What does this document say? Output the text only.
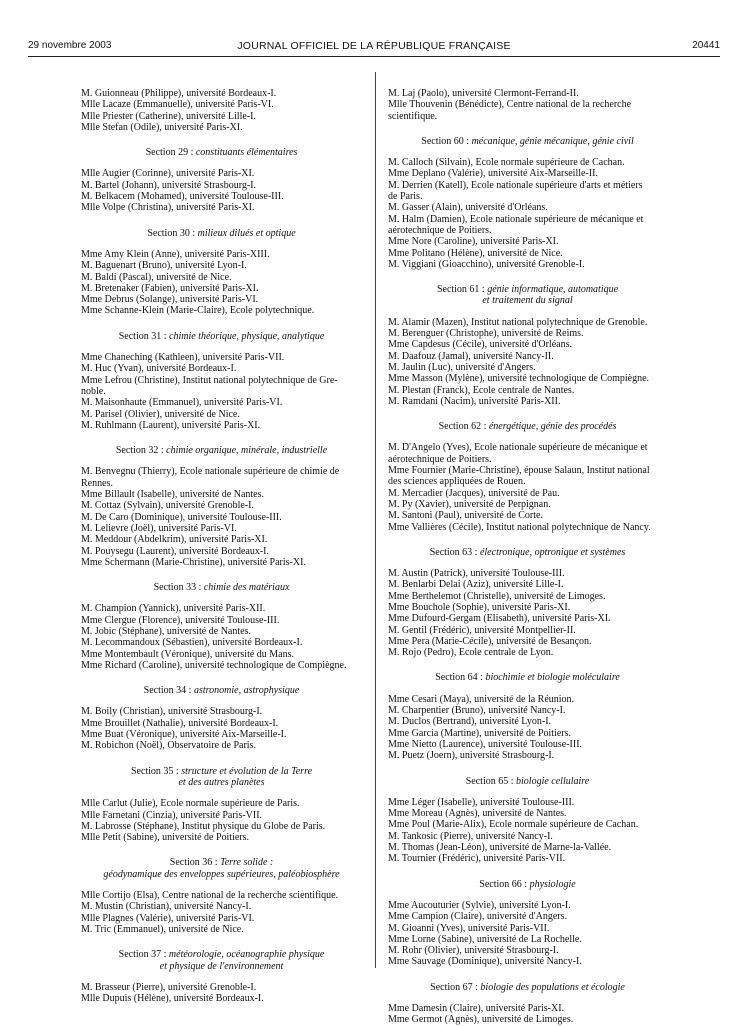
29 novembre 2003	JOURNAL OFFICIEL DE LA RÉPUBLIQUE FRANÇAISE	20441
M. Guionneau (Philippe), université Bordeaux-I.
Mlle Lacaze (Emmanuelle), université Paris-VI.
Mlle Priester (Catherine), université Lille-I.
Mlle Stefan (Odile), université Paris-XI.
Section 29 : constituants élémentaires
Mlle Augier (Corinne), université Paris-XI.
M. Bartel (Johann), université Strasbourg-I.
M. Belkacem (Mohamed), université Toulouse-III.
Mlle Volpe (Christina), université Paris-XI.
Section 30 : milieux dilués et optique
Mme Amy Klein (Anne), université Paris-XIII.
M. Baguenart (Bruno), université Lyon-I.
M. Baldi (Pascal), université de Nice.
M. Bretenaker (Fabien), université Paris-XI.
Mme Debrus (Solange), université Paris-VI.
Mme Schanne-Klein (Marie-Claire), Ecole polytechnique.
Section 31 : chimie théorique, physique, analytique
Mme Chaneching (Kathleen), université Paris-VII.
M. Huc (Yvan), université Bordeaux-I.
Mme Lefrou (Christine), Institut national polytechnique de Gre-
noble.
M. Maisonhaute (Emmanuel), université Paris-VI.
M. Parisel (Olivier), université de Nice.
M. Ruhlmann (Laurent), université Paris-XI.
Section 32 : chimie organique, minérale, industrielle
M. Benvegnu (Thierry), Ecole nationale supérieure de chimie de
Rennes.
Mme Billault (Isabelle), université de Nantes.
M. Cottaz (Sylvain), université Grenoble-I.
M. De Caro (Dominique), université Toulouse-III.
M. Lelievre (Joël), université Paris-VI.
M. Meddour (Abdelkrim), université Paris-XI.
M. Pouysegu (Laurent), université Bordeaux-I.
Mme Schermann (Marie-Christine), université Paris-XI.
Section 33 : chimie des matériaux
M. Champion (Yannick), université Paris-XII.
Mme Clergue (Florence), université Toulouse-III.
M. Jobic (Stéphane), université de Nantes.
M. Lecommandoux (Sébastien), université Bordeaux-I.
Mme Montembault (Véronique), université du Mans.
Mme Richard (Caroline), université technologique de Compiègne.
Section 34 : astronomie, astrophysique
M. Boily (Christian), université Strasbourg-I.
Mme Brouillet (Nathalie), université Bordeaux-I.
Mme Buat (Véronique), université Aix-Marseille-I.
M. Robichon (Noël), Observatoire de Paris.
Section 35 : structure et évolution de la Terre
et des autres planètes
Mlle Carlut (Julie), Ecole normale supérieure de Paris.
Mlle Farnetani (Cinzia), université Paris-VII.
M. Labrosse (Stéphane), Institut physique du Globe de Paris.
Mlle Petit (Sabine), université de Poitiers.
Section 36 : Terre solide :
géodynamique des enveloppes supérieures, paléobiosphère
Mlle Cortijo (Elsa), Centre national de la recherche scientifique.
M. Mustin (Christian), université Nancy-I.
Mlle Plagnes (Valérie), université Paris-VI.
M. Tric (Emmanuel), université de Nice.
Section 37 : météorologie, océanographie physique
et physique de l'environnement
M. Brasseur (Pierre), université Grenoble-I.
Mlle Dupuis (Hélène), université Bordeaux-I.
M. Laj (Paolo), université Clermont-Ferrand-II.
Mlle Thouvenin (Bénédicte), Centre national de la recherche
scientifique.
Section 60 : mécanique, génie mécanique, génie civil
M. Calloch (Silvain), Ecole normale supérieure de Cachan.
Mme Deplano (Valérie), université Aix-Marseille-II.
M. Derrien (Katell), Ecole nationale supérieure d'arts et métiers
de Paris.
M. Gasser (Alain), université d'Orléans.
M. Halm (Damien), Ecole nationale supérieure de mécanique et
aérotechnique de Poitiers.
Mme Nore (Caroline), université Paris-XI.
Mme Politano (Hélène), université de Nice.
M. Viggiani (Gioacchino), université Grenoble-I.
Section 61 : génie informatique, automatique
et traitement du signal
M. Alamir (Mazen), Institut national polytechnique de Grenoble.
M. Berenguer (Christophe), université de Reims.
Mme Capdesus (Cécile), université d'Orléans.
M. Daafouz (Jamal), université Nancy-II.
M. Jaulin (Luc), université d'Angers.
Mme Masson (Mylène), université technologique de Compiègne.
M. Plestan (Franck), Ecole centrale de Nantes.
M. Ramdani (Nacim), université Paris-XII.
Section 62 : énergétique, génie des procédés
M. D'Angelo (Yves), Ecole nationale supérieure de mécanique et
aérotechnique de Poitiers.
Mme Fournier (Marie-Christine), épouse Salaun, Institut national
des sciences appliquées de Rouen.
M. Mercadier (Jacques), université de Pau.
M. Py (Xavier), université de Perpignan.
M. Santoni (Paul), université de Corte.
Mme Vallières (Cécile), Institut national polytechnique de Nancy.
Section 63 : électronique, optronique et systèmes
M. Austin (Patrick), université Toulouse-III.
M. Benlarbi Delai (Aziz), université Lille-I.
Mme Berthelemot (Christelle), université de Limoges.
Mme Bouchole (Sophie), université Paris-XI.
Mme Dufourd-Gergam (Elisabeth), université Paris-XI.
M. Gentil (Frédéric), université Montpellier-II.
Mme Pera (Marie-Cécile), université de Besançon.
M. Rojo (Pedro), Ecole centrale de Lyon.
Section 64 : biochimie et biologie moléculaire
Mme Cesari (Maya), université de la Réunion.
M. Charpentier (Bruno), université Nancy-I.
M. Duclos (Bertrand), université Lyon-I.
Mme Garcia (Martine), université de Poitiers.
Mme Nietto (Laurence), université Toulouse-III.
M. Puetz (Joern), université Strasbourg-I.
Section 65 : biologie cellulaire
Mme Léger (Isabelle), université Toulouse-III.
Mme Moreau (Agnès), université de Nantes.
Mme Poul (Marie-Alix), Ecole normale supérieure de Cachan.
M. Tankosic (Pierre), université Nancy-I.
M. Thomas (Jean-Léon), université de Marne-la-Vallée.
M. Tournier (Frédéric), université Paris-VII.
Section 66 : physiologie
Mme Aucouturier (Sylvie), université Lyon-I.
Mme Campion (Claire), université d'Angers.
M. Gioanni (Yves), université Paris-VII.
Mme Lorne (Sabine), université de La Rochelle.
M. Rohr (Olivier), université Strasbourg-I.
Mme Sauvage (Dominique), université Nancy-I.
Section 67 : biologie des populations et écologie
Mme Damesin (Claire), université Paris-XI.
Mme Germot (Agnès), université de Limoges.
